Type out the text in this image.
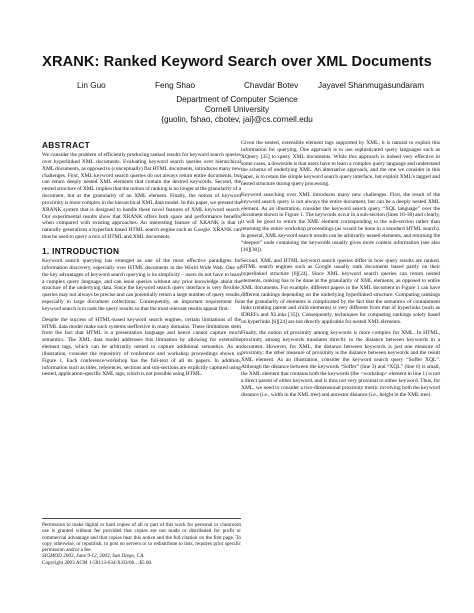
XRANK: Ranked Keyword Search over XML Documents
Lin Guo	Feng Shao	Chavdar Botev Jayavel Shanmugasundaram
Department of Computer Science
Cornell University
{guolin, fshao, cbotev, jai}@cs.cornell.edu
ABSTRACT

We consider the problem of efficiently producing ranked results for keyword search queries over hyperlinked XML documents. Evaluating keyword search queries over hierarchical XML documents, as opposed to (conceptually) flat HTML documents, introduces many new challenges. First, XML keyword search queries do not always return entire documents, but can return deeply nested XML elements that contain the desired keywords. Second, the nested structure of XML implies that the notion of ranking is no longer at the granularity of a document, but at the granularity of an XML element. Finally, the notion of keyword proximity is more complex in the hierarchical XML data model. In this paper, we present the XRANK system that is designed to handle these novel features of XML keyword search. Our experimental results show that XRANK offers both space and performance benefits when compared with existing approaches. An interesting feature of XRANK is that it naturally generalizes a hyperlink based HTML search engine such as Google. XRANK can thus be used to query a mix of HTML and XML documents.

1. INTRODUCTION

Keyword search querying has emerged as one of the most effective paradigms for information discovery, especially over HTML documents in the World Wide Web. One of the key advantages of keyword search querying is its simplicity – users do not have to learn a complex query language, and can issue queries without any prior knowledge about the structure of the underlying data. Since the keyword search query interface is very flexible, queries may not always be precise and can potentially return a large number of query results, especially in large document collections. Consequently, an important requirement for keyword search is to rank the query results so that the most relevant results appear first.

Despite the success of HTML-based keyword search engines, certain limitations of the HTML data model make such systems ineffective in many domains. These limitations stem from the fact that HTML is a presentation language and hence cannot capture much semantics. The XML data model addresses this limitation by allowing for extensible element tags, which can be arbitrarily nested to capture additional semantics. As an illustration, consider the repository of conference and workshop proceedings shown in Figure 1. Each conference/workshop has the full-text of all its papers. In addition, information such as titles, references, sections and sub-sections are explicitly captured using nested, application-specific XML tags, which is not possible using HTML.

Permission to make digital or hard copies of all or part of this work for personal or classroom use is granted without fee provided that copies are not made or distributed for profit or commercial advantage and that copies bear this notice and the full citation on the first page. To copy otherwise, or republish, to post on servers or to redistribute to lists, requires prior specific permission and/or a fee.
SIGMOD 2003, June 9-12, 2003, San Diego, CA.
Copyright 2003 ACM 1-58113-634-X/03/06…$5.00.

Given the nested, extensible element tags supported by XML, it is natural to exploit this information for querying. One approach is to use sophisticated query languages such as XQuery [35] to query XML documents. While this approach is indeed very effective in some cases, a downside is that users have to learn a complex query language and understand the schema of underlying XML. An alternative approach, and the one we consider in this paper, is to retain the simple keyword search query interface, but exploit XML’s tagged and nested structure during query processing.

Keyword searching over XML introduces many new challenges. First, the result of the keyword search query is not always the entire document, but can be a deeply nested XML element. As an illustration, consider the keyword search query “XQL language” over the document shown in Figure 1. The keywords occur in a sub-section (lines 16-18) and clearly, it will be good to return the XML element corresponding to the sub-section rather than returning the entire workshop proceedings (as would be done in a standard HTML search). In general, XML keyword search results can be arbitrarily nested elements, and returning the “deepest” node containing the keywords usually gives more context information (see also [16][30]).

Second, XML and HTML keyword search queries differ in how query results are ranked. HTML search engines such as Google usually rank documents based partly on their hyperlinked structure [6][24]. Since XML keyword search queries can return nested elements, ranking has to be done at the granularity of XML elements, as opposed to entire XML documents. For example, different papers in the XML document in Figure 1 can have different rankings depending on the underlying hyperlinked structure. Computing rankings at the granularity of elements is complicated by the fact that the semantics of containment links (relating parent and child elements) is very different from that of hyperlinks (such as IDREFs and XLinks [35]). Consequently, techniques for computing rankings solely based on hyperlinks [6][24] are not directly applicable for nested XML elements.

Finally, the notion of proximity among keywords is more complex for XML. In HTML, proximity among keywords translates directly to the distance between keywords in a document. However, for XML, the distance between keywords is just one measure of proximity; the other measure of proximity is the distance between keywords and the result XML element. As an illustration, consider the keyword search query “Soffer XQL”. Although the distance between the keywords “Soffer” (line 3) and “XQL” (line 6) is small, the XML element that contains both the keywords (the <workshop> element in line 1) is not a direct parent of either keyword, and is thus not very proximal to either keyword. Thus, for XML, we need to consider a two-dimensional proximity metric involving both the keyword distance (i.e., width in the XML tree) and ancestor distance (i.e., height in the XML tree).
